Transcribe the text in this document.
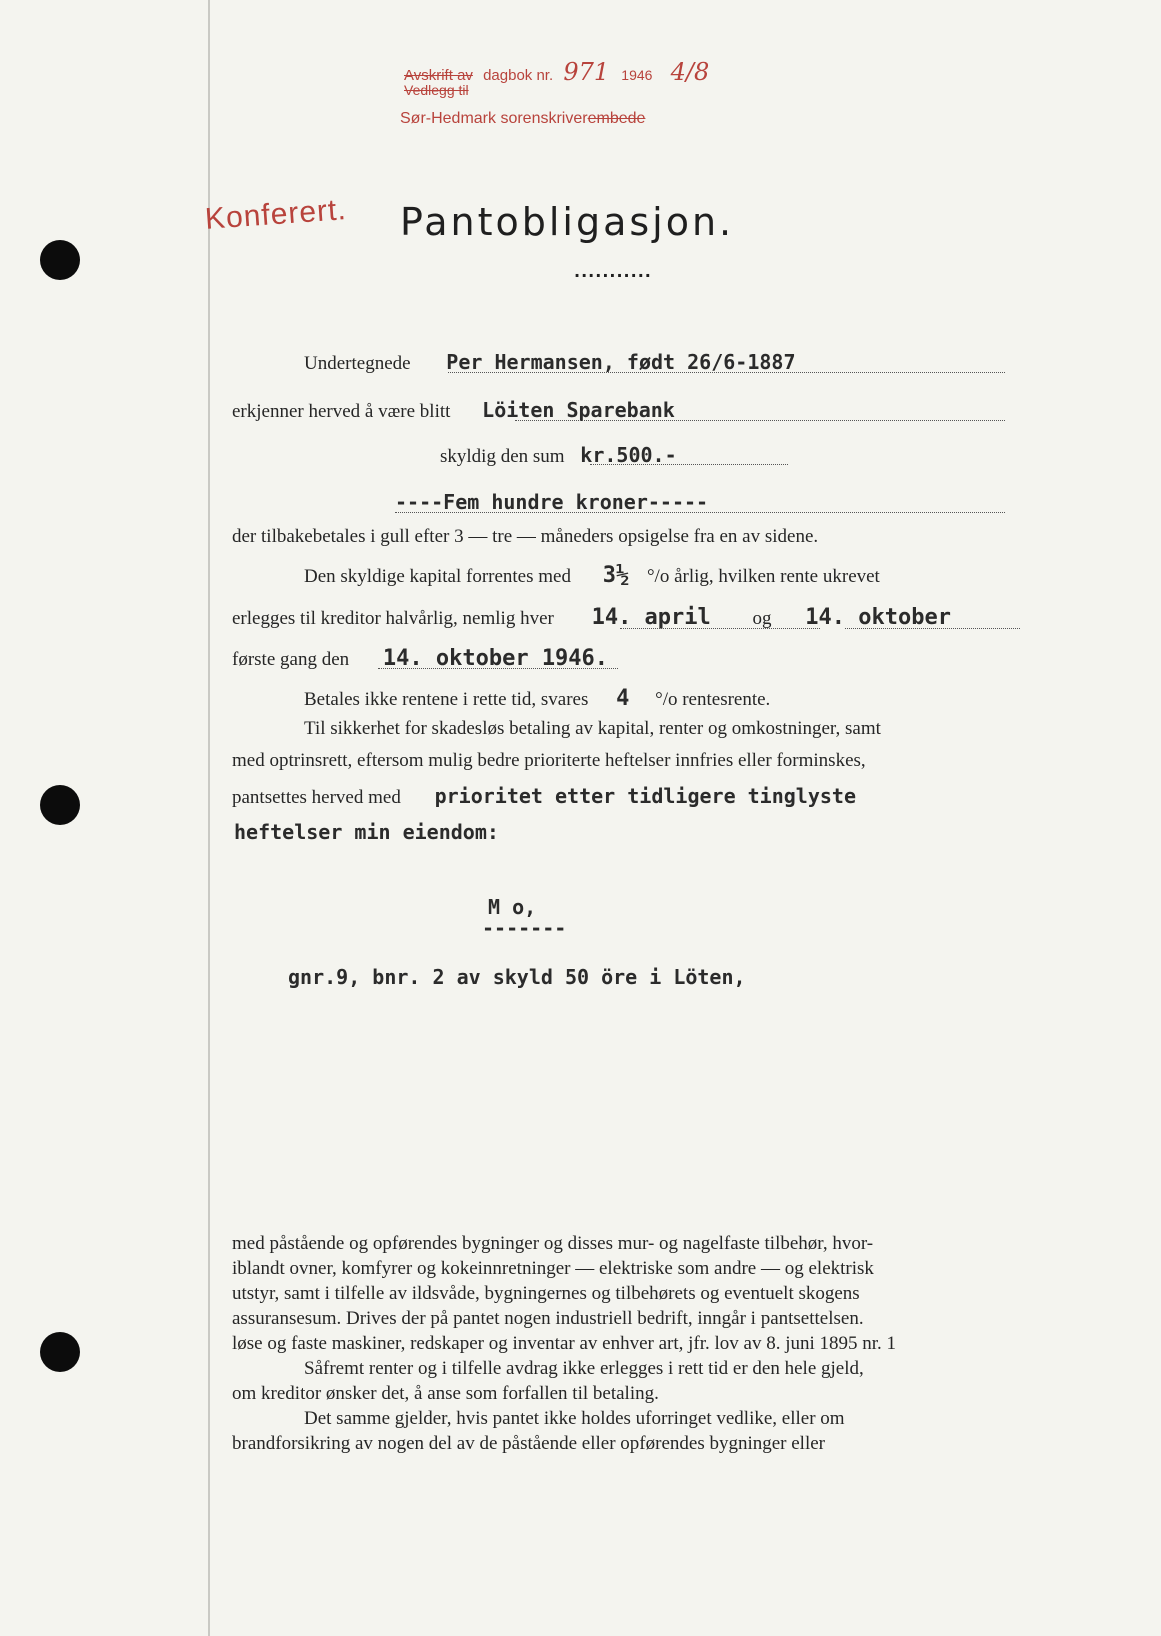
Avskrift av dagbok nr. 971 1946 4/8
Vedlegg til
Sør-Hedmark sorenskriverembede
Konferert. Pantobligasjon.
...........
Undertegnede Per Hermansen, født 26/6-1887
erkjenner herved å være blitt Löiten Sparebank
skyldig den sum kr.500.-
----Fem hundre kroner-----
der tilbakebetales i gull efter 3 — tre — måneders opsigelse fra en av sidene.
Den skyldige kapital forrentes med 3½ °/o årlig, hvilken rente ukrevet
erlegges til kreditor halvårlig, nemlig hver 14. april og 14. oktober
første gang den 14. oktober 1946.
Betales ikke rentene i rette tid, svares 4 °/o rentesrente.
Til sikkerhet for skadesløs betaling av kapital, renter og omkostninger, samt
med optrinsrett, eftersom mulig bedre prioriterte heftelser innfries eller forminskes,
pantsettes herved med prioritet etter tidligere tinglyste
heftelser min eiendom:
M o,
-------
gnr.9, bnr. 2 av skyld 50 öre i Löten,
med påstående og opførendes bygninger og disses mur- og nagelfaste tilbehør, hvor-
iblandt ovner, komfyrer og kokeinnretninger — elektriske som andre — og elektrisk
utstyr, samt i tilfelle av ildsvåde, bygningernes og tilbehørets og eventuelt skogens
assuransesum. Drives der på pantet nogen industriell bedrift, inngår i pantsettelsen.
løse og faste maskiner, redskaper og inventar av enhver art, jfr. lov av 8. juni 1895 nr. 1
Såfremt renter og i tilfelle avdrag ikke erlegges i rett tid er den hele gjeld,
om kreditor ønsker det, å anse som forfallen til betaling.
Det samme gjelder, hvis pantet ikke holdes uforringet vedlike, eller om
brandforsikring av nogen del av de påstående eller opførendes bygninger eller
